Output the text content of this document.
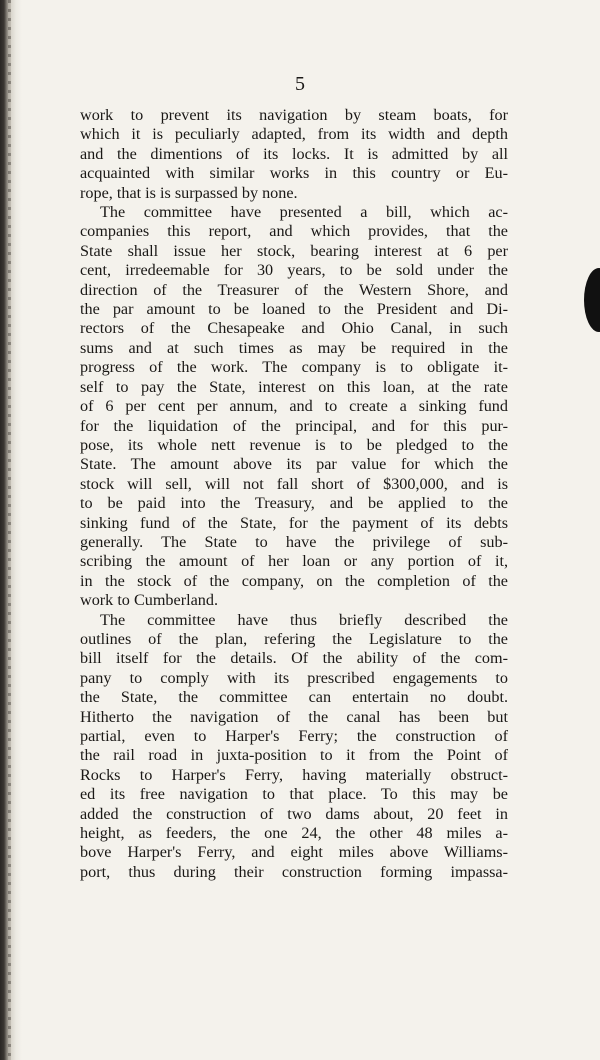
5
work to prevent its navigation by steam boats, for
which it is peculiarly adapted, from its width and depth
and the dimentions of its locks. It is admitted by all
acquainted with similar works in this country or Eu-
rope, that is is surpassed by none.
The committee have presented a bill, which ac-
companies this report, and which provides, that the
State shall issue her stock, bearing interest at 6 per
cent, irredeemable for 30 years, to be sold under the
direction of the Treasurer of the Western Shore, and
the par amount to be loaned to the President and Di-
rectors of the Chesapeake and Ohio Canal, in such
sums and at such times as may be required in the
progress of the work. The company is to obligate it-
self to pay the State, interest on this loan, at the rate
of 6 per cent per annum, and to create a sinking fund
for the liquidation of the principal, and for this pur-
pose, its whole nett revenue is to be pledged to the
State. The amount above its par value for which the
stock will sell, will not fall short of $300,000, and is
to be paid into the Treasury, and be applied to the
sinking fund of the State, for the payment of its debts
generally. The State to have the privilege of sub-
scribing the amount of her loan or any portion of it,
in the stock of the company, on the completion of the
work to Cumberland.
The committee have thus briefly described the
outlines of the plan, refering the Legislature to the
bill itself for the details. Of the ability of the com-
pany to comply with its prescribed engagements to
the State, the committee can entertain no doubt.
Hitherto the navigation of the canal has been but
partial, even to Harper's Ferry; the construction of
the rail road in juxta-position to it from the Point of
Rocks to Harper's Ferry, having materially obstruct-
ed its free navigation to that place. To this may be
added the construction of two dams about, 20 feet in
height, as feeders, the one 24, the other 48 miles a-
bove Harper's Ferry, and eight miles above Williams-
port, thus during their construction forming impassa-
